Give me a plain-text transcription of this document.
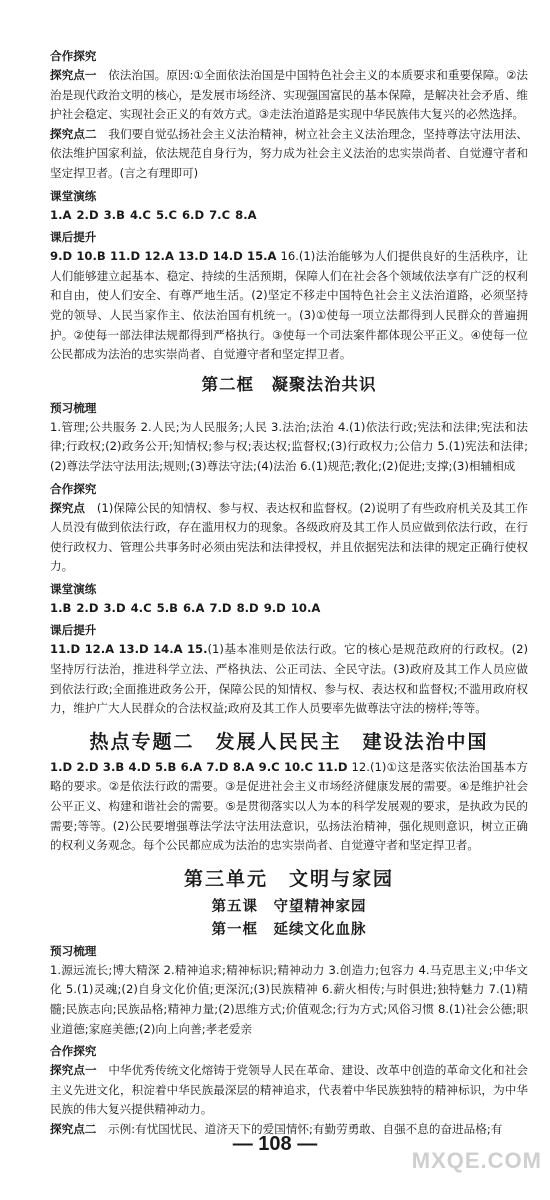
合作探究

探究点一　 依法治国。原因:①全面依法治国是中国特色社会主义的本质要求和重要保障。②法治是现代政治文明的核心，是发展市场经济、实现强国富民的基本保障，是解决社会矛盾、维护社会稳定、实现社会正义的有效方式。③走法治道路是实现中华民族伟大复兴的必然选择。

探究点二　 我们要自觉弘扬社会主义法治精神，树立社会主义法治理念，坚持尊法守法用法、依法维护国家利益，依法规范自身行为，努力成为社会主义法治的忠实崇尚者、自觉遵守者和坚定捍卫者。(言之有理即可)

课堂演练

1.A 2.D 3.B 4.C 5.C 6.D 7.C 8.A

课后提升

9.D 10.B 11.D 12.A 13.D 14.D 15.A 16.(1)法治能够为人们提供良好的生活秩序，让人们能够建立起基本、稳定、持续的生活预期，保障人们在社会各个领域依法享有广泛的权利和自由，使人们安全、有尊严地生活。(2)坚定不移走中国特色社会主义法治道路，必须坚持党的领导、人民当家作主、依法治国有机统一。(3)①使每一项立法都得到人民群众的普遍拥护。②使每一部法律法规都得到严格执行。③使每一个司法案件都体现公平正义。④使每一位公民都成为法治的忠实崇尚者、自觉遵守者和坚定捍卫者。

第二框　凝聚法治共识
预习梳理

1.管理;公共服务 2.人民;为人民服务;人民 3.法治;法治 4.(1)依法行政;宪法和法律;宪法和法律;行政权;(2)政务公开;知情权;参与权;表达权;监督权;(3)行政权力;公信力 5.(1)宪法和法律;(2)尊法学法守法用法;规则;(3)尊法守法;(4)法治 6.(1)规范;教化;(2)促进;支撑;(3)相辅相成

合作探究

探究点　 (1)保障公民的知情权、参与权、表达权和监督权。(2)说明了有些政府机关及其工作人员没有做到依法行政，存在滥用权力的现象。各级政府及其工作人员应做到依法行政，在行使行政权力、管理公共事务时必须由宪法和法律授权，并且依据宪法和法律的规定正确行使权力。

课堂演练

1.B 2.D 3.D 4.C 5.B 6.A 7.D 8.D 9.D 10.A

课后提升

11.D 12.A 13.D 14.A 15.(1)基本准则是依法行政。它的核心是规范政府的行政权。(2)坚持厉行法治，推进科学立法、严格执法、公正司法、全民守法。(3)政府及其工作人员应做到依法行政;全面推进政务公开，保障公民的知情权、参与权、表达权和监督权;不滥用政府权力，维护广大人民群众的合法权益;政府及其工作人员要率先做尊法守法的榜样;等等。

热点专题二　发展人民民主　建设法治中国

1.D 2.D 3.B 4.D 5.B 6.A 7.D 8.A 9.C 10.C 11.D 12.(1)①这是落实依法治国基本方略的要求。②是依法行政的需要。③是促进社会主义市场经济健康发展的需要。④是维护社会公平正义、构建和谐社会的需要。⑤是贯彻落实以人为本的科学发展观的要求，是执政为民的需要;等等。(2)公民要增强尊法学法守法用法意识，弘扬法治精神，强化规则意识，树立正确的权利义务观念。每个公民都应成为法治的忠实崇尚者、自觉遵守者和坚定捍卫者。

第三单元　文明与家园
第五课　守望精神家园
第一框　延续文化血脉
预习梳理

1.源远流长;博大精深 2.精神追求;精神标识;精神动力 3.创造力;包容力 4.马克思主义;中华文化 5.(1)灵魂;(2)自身文化价值;更深沉;(3)民族精神 6.薪火相传;与时俱进;独特魅力 7.(1)精髓;民族志向;民族品格;精神力量;(2)思维方式;价值观念;行为方式;风俗习惯 8.(1)社会公德;职业道德;家庭美德;(2)向上向善;孝老爱亲

合作探究

探究点一　 中华优秀传统文化熔铸于党领导人民在革命、建设、改革中创造的革命文化和社会主义先进文化，积淀着中华民族最深层的精神追求，代表着中华民族独特的精神标识，为中华民族的伟大复兴提供精神动力。

探究点二　 示例:有忧国忧民、道济天下的爱国情怀;有勤劳勇敢、自强不息的奋进品格;有

— 108 —
MXQE.COM
